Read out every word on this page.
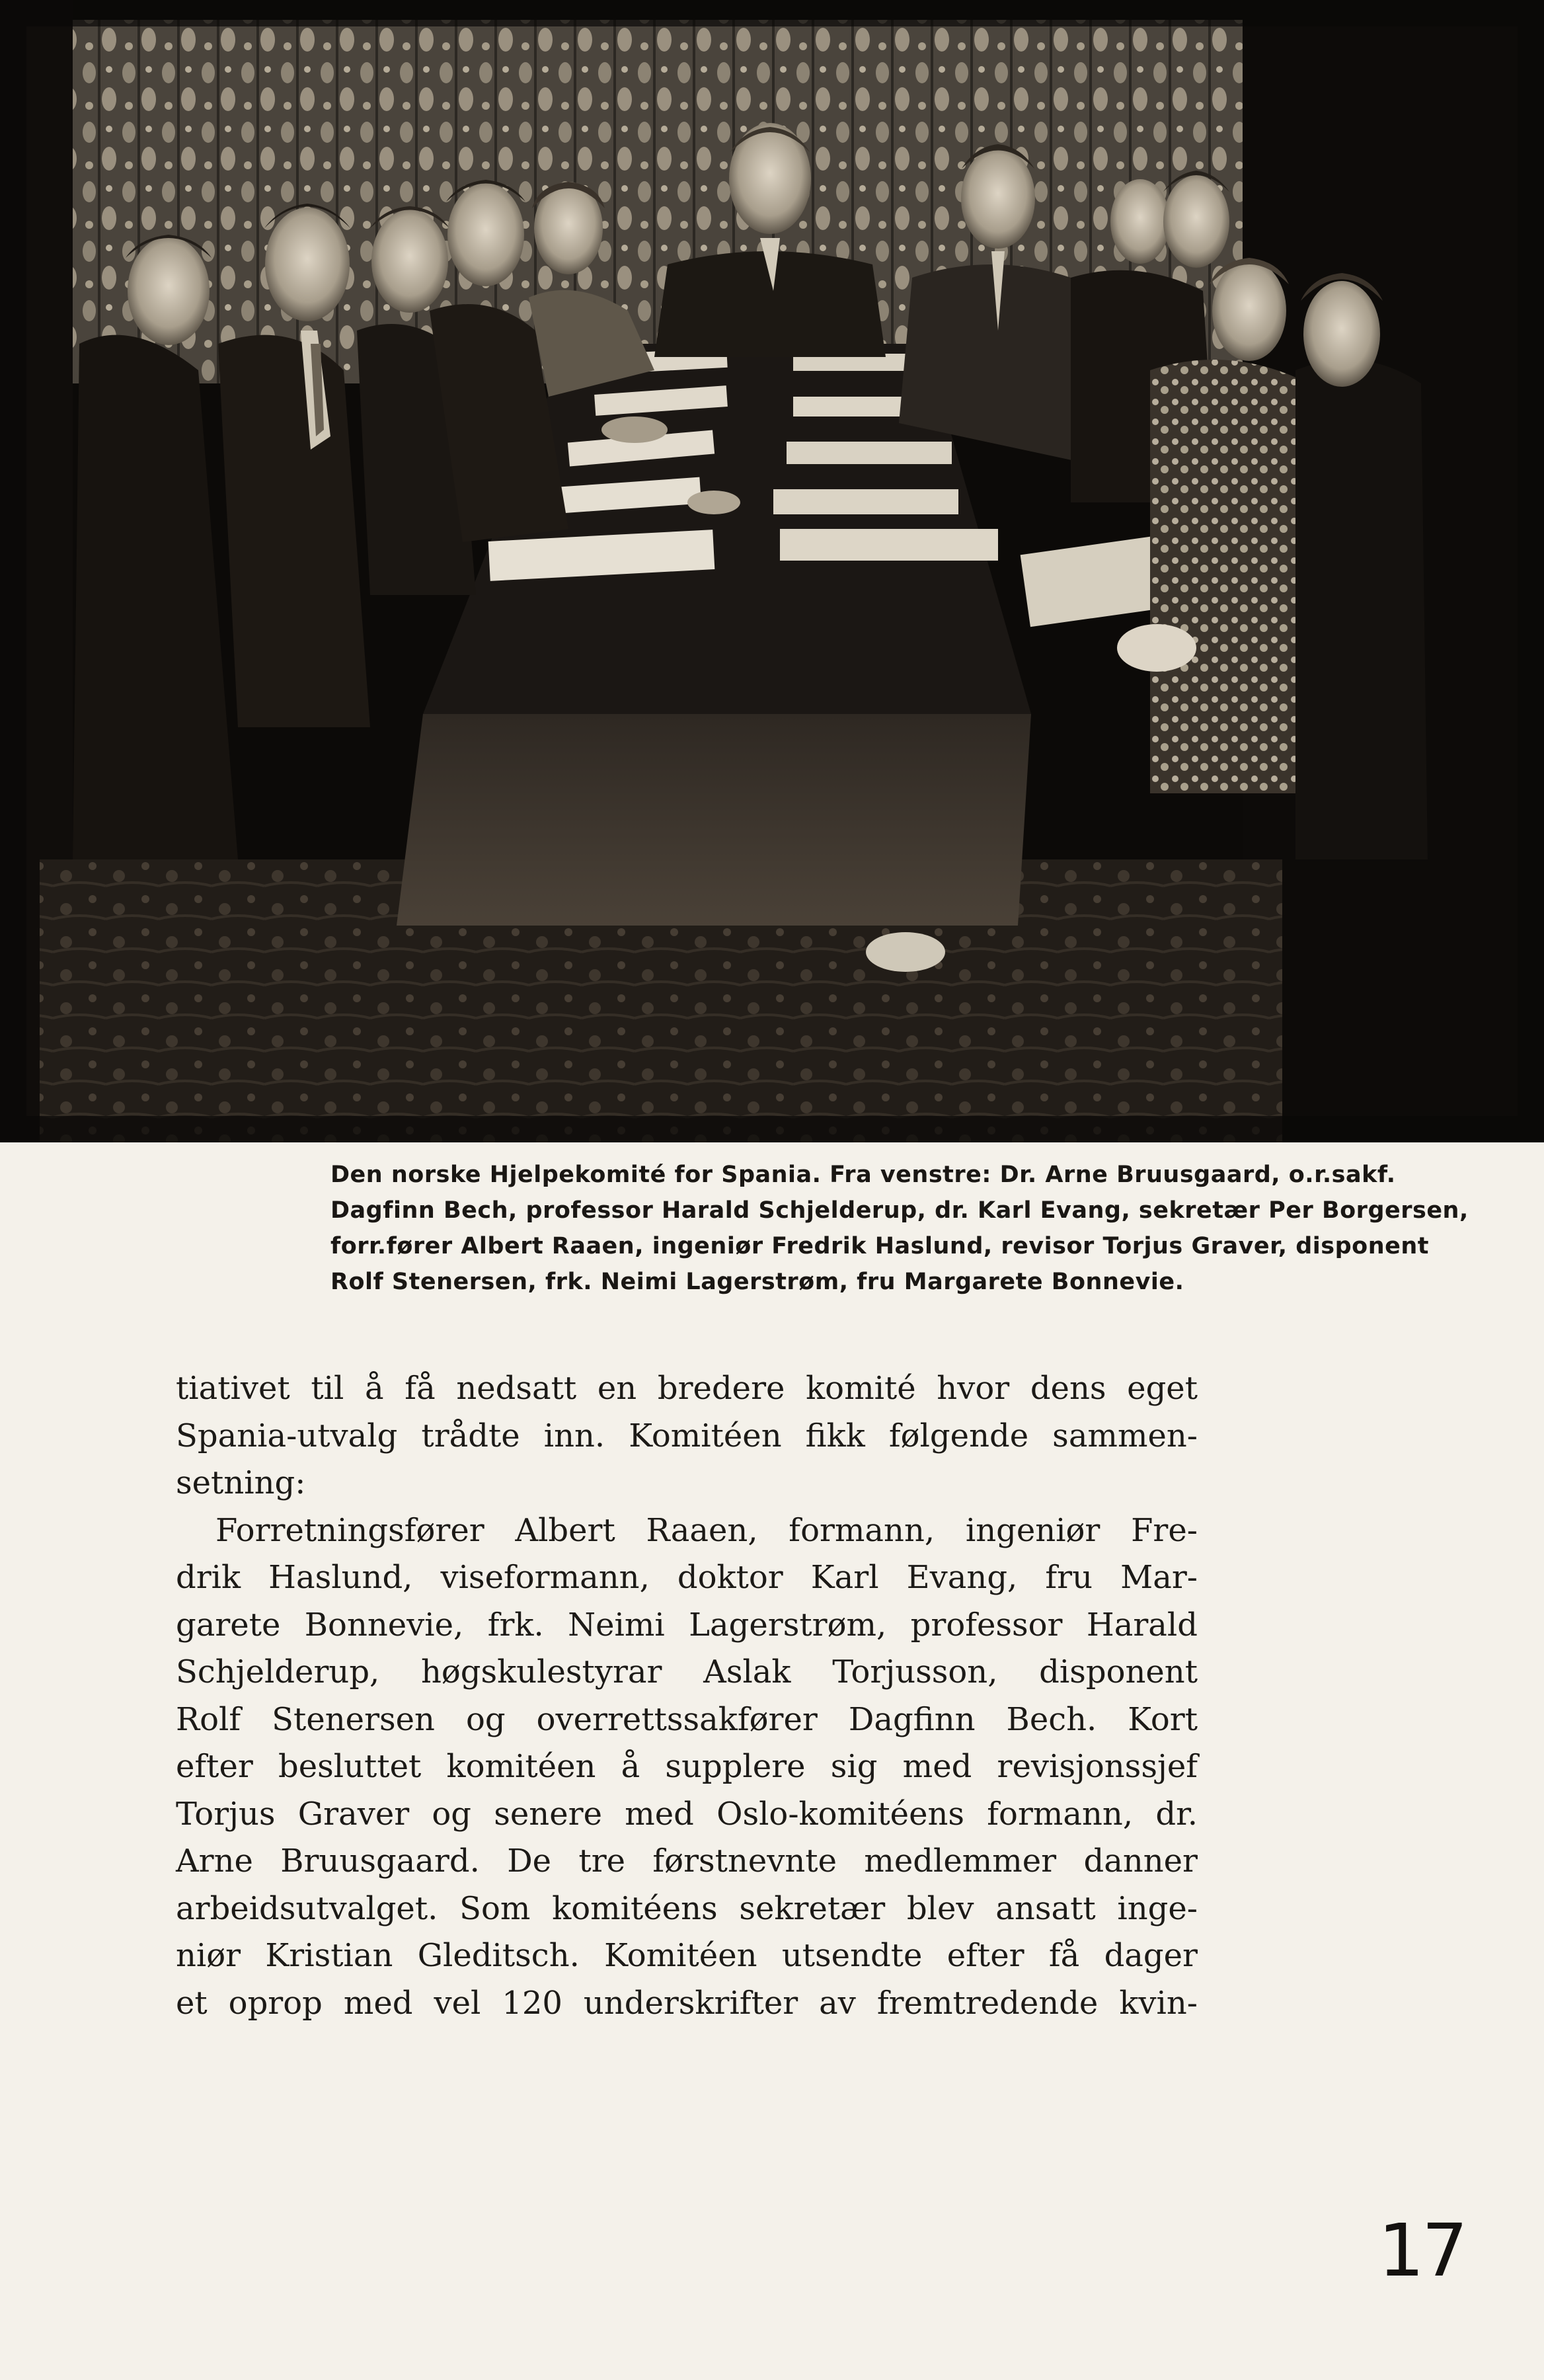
Den norske Hjelpekomité for Spania. Fra venstre: Dr. Arne Bruusgaard, o.r.sakf.
Dagfinn Bech, professor Harald Schjelderup, dr. Karl Evang, sekretær Per Borgersen,
forr.fører Albert Raaen, ingeniør Fredrik Haslund, revisor Torjus Graver, disponent
Rolf Stenersen, frk. Neimi Lagerstrøm, fru Margarete Bonnevie.
tiativet til å få nedsatt en bredere komité hvor dens eget
Spania-utvalg trådte inn. Komitéen fikk følgende sammen-
setning:
Forretningsfører Albert Raaen, formann, ingeniør Fre-
drik Haslund, viseformann, doktor Karl Evang, fru Mar-
garete Bonnevie, frk. Neimi Lagerstrøm, professor Harald
Schjelderup, høgskulestyrar Aslak Torjusson, disponent
Rolf Stenersen og overrettssakfører Dagfinn Bech. Kort
efter besluttet komitéen å supplere sig med revisjonssjef
Torjus Graver og senere med Oslo-komitéens formann, dr.
Arne Bruusgaard. De tre førstnevnte medlemmer danner
arbeidsutvalget. Som komitéens sekretær blev ansatt inge-
niør Kristian Gleditsch. Komitéen utsendte efter få dager
et oprop med vel 120 underskrifter av fremtredende kvin-
17
